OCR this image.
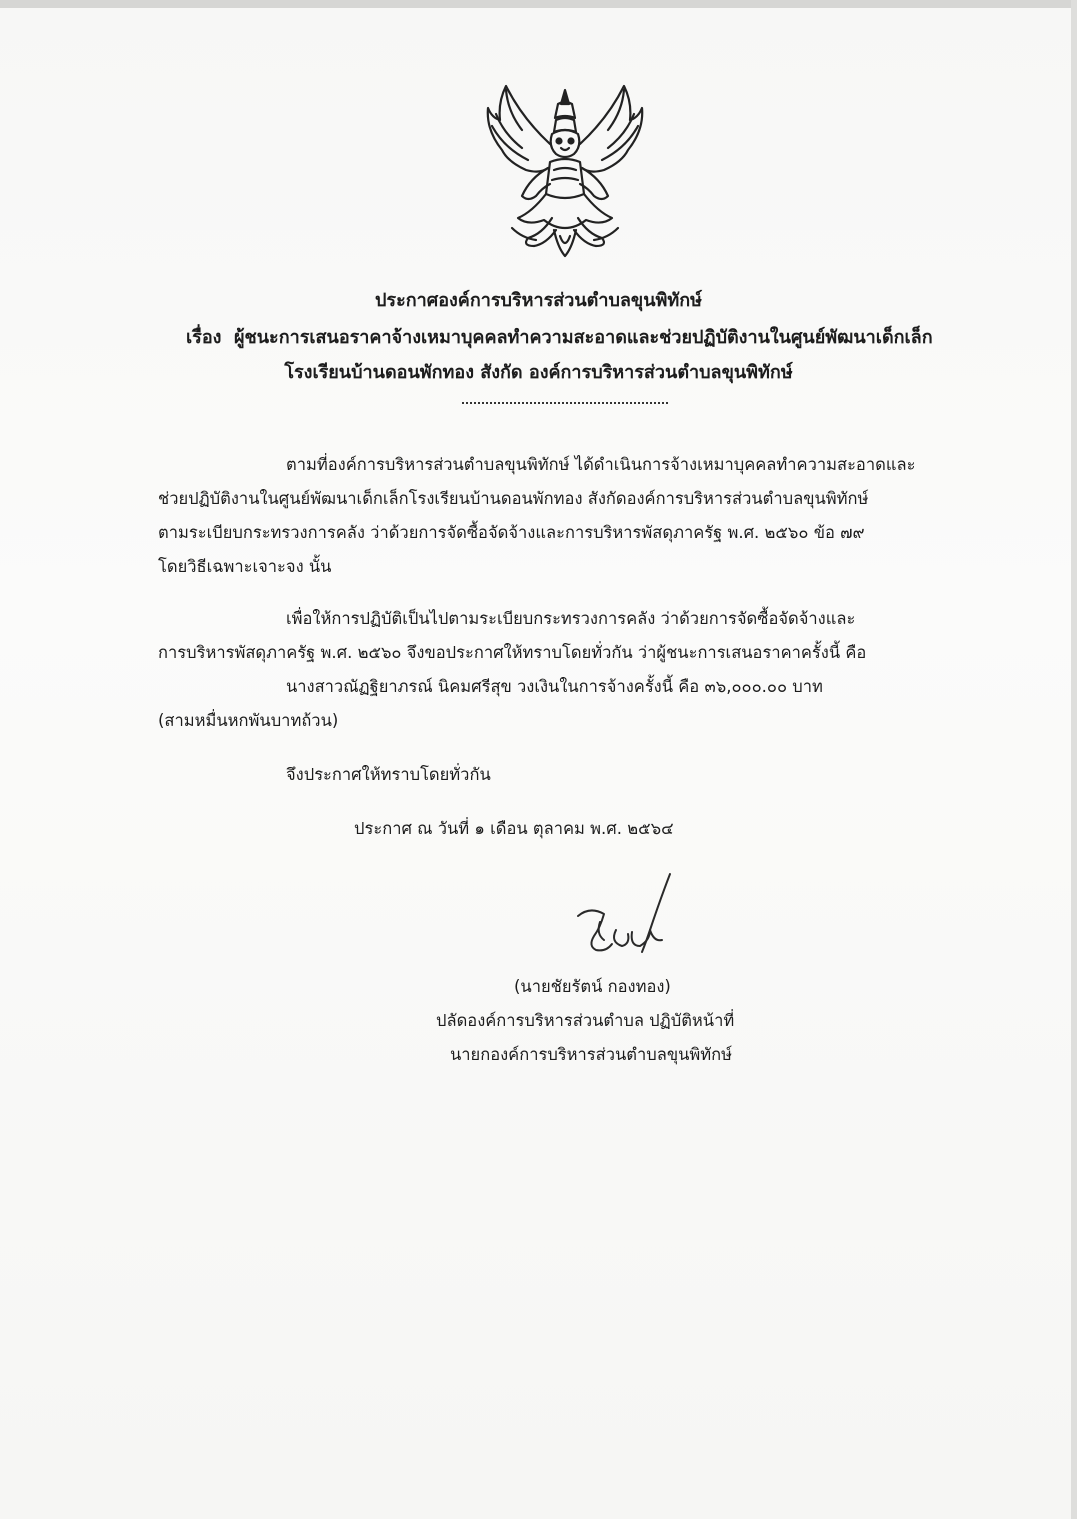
ประกาศองค์การบริหารส่วนตำบลขุนพิทักษ์
เรื่อง ผู้ชนะการเสนอราคาจ้างเหมาบุคคลทำความสะอาดและช่วยปฏิบัติงานในศูนย์พัฒนาเด็กเล็ก
โรงเรียนบ้านดอนพักทอง สังกัด องค์การบริหารส่วนตำบลขุนพิทักษ์
ตามที่องค์การบริหารส่วนตำบลขุนพิทักษ์ ได้ดำเนินการจ้างเหมาบุคคลทำความสะอาดและ
ช่วยปฏิบัติงานในศูนย์พัฒนาเด็กเล็กโรงเรียนบ้านดอนพักทอง สังกัดองค์การบริหารส่วนตำบลขุนพิทักษ์
ตามระเบียบกระทรวงการคลัง ว่าด้วยการจัดซื้อจัดจ้างและการบริหารพัสดุภาครัฐ พ.ศ. ๒๕๖๐ ข้อ ๗๙
โดยวิธีเฉพาะเจาะจง นั้น
เพื่อให้การปฏิบัติเป็นไปตามระเบียบกระทรวงการคลัง ว่าด้วยการจัดซื้อจัดจ้างและ
การบริหารพัสดุภาครัฐ พ.ศ. ๒๕๖๐ จึงขอประกาศให้ทราบโดยทั่วกัน ว่าผู้ชนะการเสนอราคาครั้งนี้ คือ
นางสาวณัฏฐิยาภรณ์ นิคมศรีสุข วงเงินในการจ้างครั้งนี้ คือ ๓๖,๐๐๐.๐๐ บาท
(สามหมื่นหกพันบาทถ้วน)
จึงประกาศให้ทราบโดยทั่วกัน
ประกาศ ณ วันที่ ๑ เดือน ตุลาคม พ.ศ. ๒๕๖๔
(นายชัยรัตน์ กองทอง)
ปลัดองค์การบริหารส่วนตำบล ปฏิบัติหน้าที่
นายกองค์การบริหารส่วนตำบลขุนพิทักษ์
